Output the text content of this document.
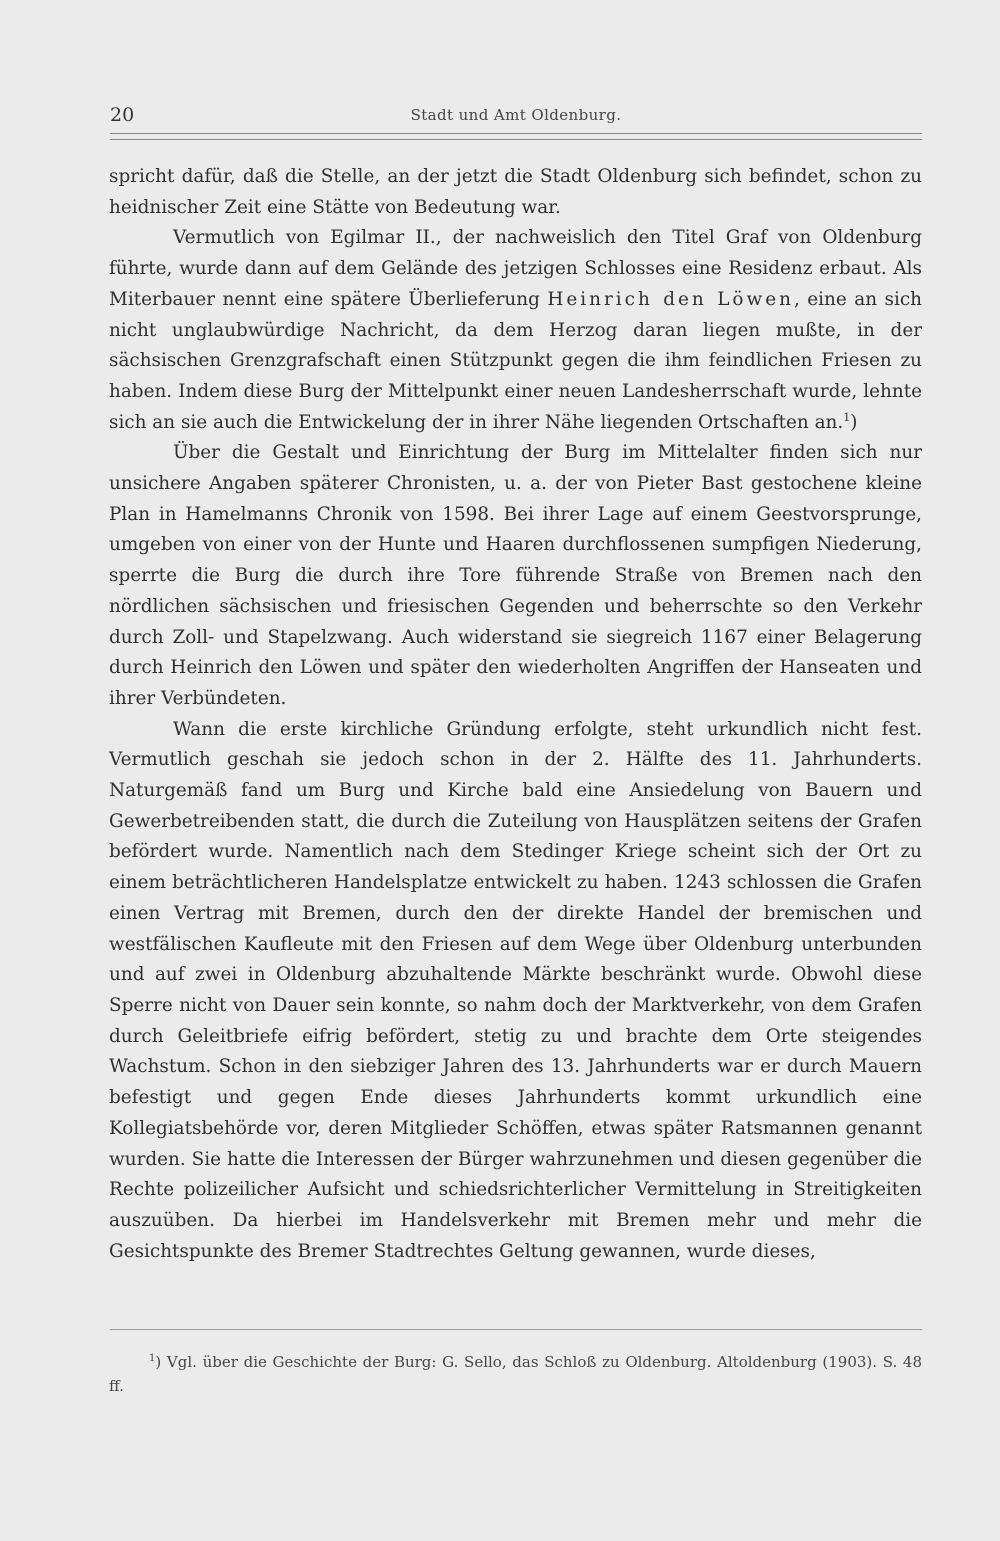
20	Stadt und Amt Oldenburg.

spricht dafür, daß die Stelle, an der jetzt die Stadt Oldenburg sich befindet, schon zu heidnischer Zeit eine Stätte von Bedeutung war.

Vermutlich von Egilmar II., der nachweislich den Titel Graf von Oldenburg führte, wurde dann auf dem Gelände des jetzigen Schlosses eine Residenz erbaut. Als Miterbauer nennt eine spätere Überlieferung Heinrich den Löwen, eine an sich nicht unglaubwürdige Nachricht, da dem Herzog daran liegen mußte, in der sächsischen Grenzgrafschaft einen Stützpunkt gegen die ihm feindlichen Friesen zu haben. Indem diese Burg der Mittelpunkt einer neuen Landesherrschaft wurde, lehnte sich an sie auch die Entwickelung der in ihrer Nähe liegenden Ortschaften an.$^1$)

Über die Gestalt und Einrichtung der Burg im Mittelalter finden sich nur unsichere Angaben späterer Chronisten, u. a. der von Pieter Bast gestochene kleine Plan in Hamelmanns Chronik von 1598. Bei ihrer Lage auf einem Geestvorsprunge, umgeben von einer von der Hunte und Haaren durchflossenen sumpfigen Niederung, sperrte die Burg die durch ihre Tore führende Straße von Bremen nach den nördlichen sächsischen und friesischen Gegenden und beherrschte so den Verkehr durch Zoll- und Stapelzwang. Auch widerstand sie siegreich 1167 einer Belagerung durch Heinrich den Löwen und später den wiederholten Angriffen der Hanseaten und ihrer Verbündeten.

Wann die erste kirchliche Gründung erfolgte, steht urkundlich nicht fest. Vermutlich geschah sie jedoch schon in der 2. Hälfte des 11. Jahrhunderts. Naturgemäß fand um Burg und Kirche bald eine Ansiedelung von Bauern und Gewerbetreibenden statt, die durch die Zuteilung von Hausplätzen seitens der Grafen befördert wurde. Namentlich nach dem Stedinger Kriege scheint sich der Ort zu einem beträchtlicheren Handelsplatze entwickelt zu haben. 1243 schlossen die Grafen einen Vertrag mit Bremen, durch den der direkte Handel der bremischen und westfälischen Kaufleute mit den Friesen auf dem Wege über Oldenburg unterbunden und auf zwei in Oldenburg abzuhaltende Märkte beschränkt wurde. Obwohl diese Sperre nicht von Dauer sein konnte, so nahm doch der Marktverkehr, von dem Grafen durch Geleitbriefe eifrig befördert, stetig zu und brachte dem Orte steigendes Wachstum. Schon in den siebziger Jahren des 13. Jahrhunderts war er durch Mauern befestigt und gegen Ende dieses Jahrhunderts kommt urkundlich eine Kollegiatsbehörde vor, deren Mitglieder Schöffen, etwas später Ratsmannen genannt wurden. Sie hatte die Interessen der Bürger wahrzunehmen und diesen gegenüber die Rechte polizeilicher Aufsicht und schiedsrichterlicher Vermittelung in Streitigkeiten auszuüben. Da hierbei im Handelsverkehr mit Bremen mehr und mehr die Gesichtspunkte des Bremer Stadtrechtes Geltung gewannen, wurde dieses,

$^1$) Vgl. über die Geschichte der Burg: G. Sello, das Schloß zu Oldenburg. Altoldenburg (1903). S. 48 ff.
